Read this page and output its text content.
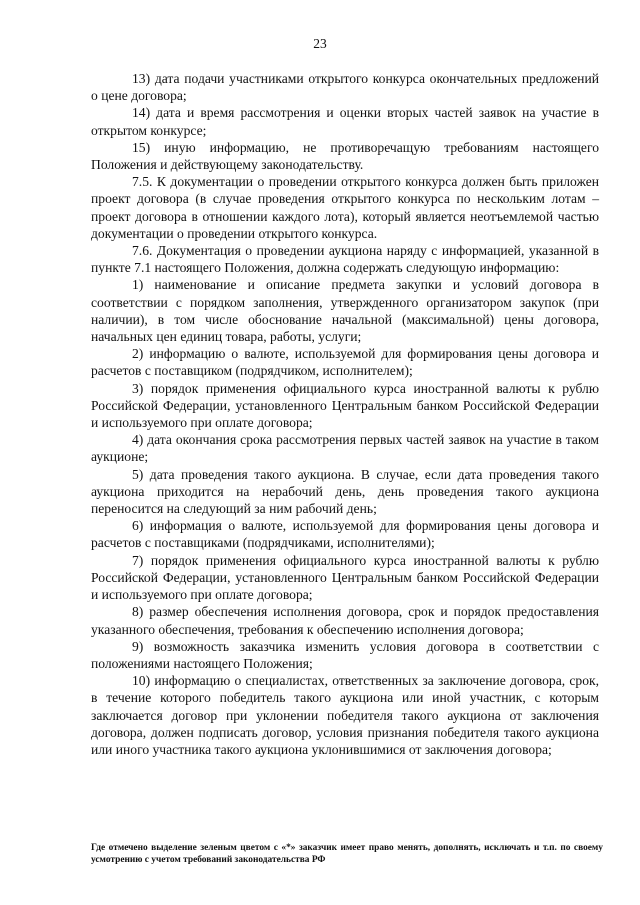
23

13) дата подачи участниками открытого конкурса окончательных предложений о цене договора;

14) дата и время рассмотрения и оценки вторых частей заявок на участие в открытом конкурсе;

15) иную информацию, не противоречащую требованиям настоящего Положения и действующему законодательству.

7.5. К документации о проведении открытого конкурса должен быть приложен проект договора (в случае проведения открытого конкурса по нескольким лотам – проект договора в отношении каждого лота), который является неотъемлемой частью документации о проведении открытого конкурса.

7.6. Документация о проведении аукциона наряду с информацией, указанной в пункте 7.1 настоящего Положения, должна содержать следующую информацию:

1) наименование и описание предмета закупки и условий договора в соответствии с порядком заполнения, утвержденного организатором закупок (при наличии), в том числе обоснование начальной (максимальной) цены договора, начальных цен единиц товара, работы, услуги;

2) информацию о валюте, используемой для формирования цены договора и расчетов с поставщиком (подрядчиком, исполнителем);

3) порядок применения официального курса иностранной валюты к рублю Российской Федерации, установленного Центральным банком Российской Федерации и используемого при оплате договора;

4) дата окончания срока рассмотрения первых частей заявок на участие в таком аукционе;

5) дата проведения такого аукциона. В случае, если дата проведения такого аукциона приходится на нерабочий день, день проведения такого аукциона переносится на следующий за ним рабочий день;

6) информация о валюте, используемой для формирования цены договора и расчетов с поставщиками (подрядчиками, исполнителями);

7) порядок применения официального курса иностранной валюты к рублю Российской Федерации, установленного Центральным банком Российской Федерации и используемого при оплате договора;

8) размер обеспечения исполнения договора, срок и порядок предоставления указанного обеспечения, требования к обеспечению исполнения договора;

9) возможность заказчика изменить условия договора в соответствии с положениями настоящего Положения;

10) информацию о специалистах, ответственных за заключение договора, срок, в течение которого победитель такого аукциона или иной участник, с которым заключается договор при уклонении победителя такого аукциона от заключения договора, должен подписать договор, условия признания победителя такого аукциона или иного участника такого аукциона уклонившимися от заключения договора;

Где отмечено выделение зеленым цветом с «*» заказчик имеет право менять, дополнять, исключать и т.п. по своему усмотрению с учетом требований законодательства РФ
